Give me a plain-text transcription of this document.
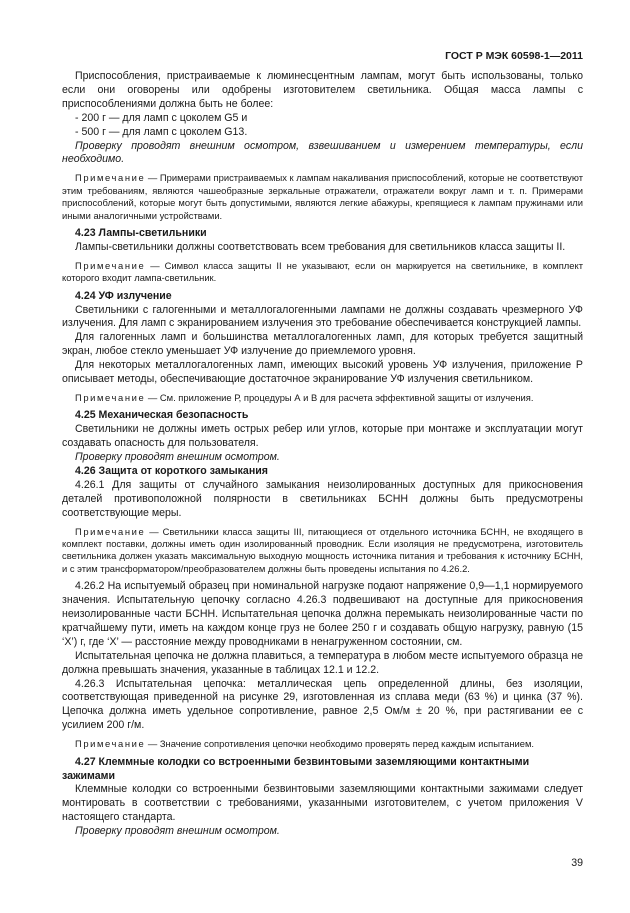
ГОСТ Р МЭК 60598-1—2011

Приспособления, пристраиваемые к люминесцентным лампам, могут быть использованы, только если они оговорены или одобрены изготовителем светильника. Общая масса лампы с приспособлениями должна быть не более:

- 200 г — для ламп с цоколем G5 и

- 500 г — для ламп с цоколем G13.

Проверку проводят внешним осмотром, взвешиванием и измерением температуры, если необходимо.

Примечание — Примерами пристраиваемых к лампам накаливания приспособлений, которые не соответствуют этим требованиям, являются чашеобразные зеркальные отражатели, отражатели вокруг ламп и т. п. Примерами приспособлений, которые могут быть допустимыми, являются легкие абажуры, крепящиеся к лампам пружинами или иными аналогичными устройствами.

4.23 Лампы-светильники

Лампы-светильники должны соответствовать всем требования для светильников класса защиты II.

Примечание — Символ класса защиты II не указывают, если он маркируется на светильнике, в комплект которого входит лампа-светильник.

4.24 УФ излучение

Светильники с галогенными и металлогалогенными лампами не должны создавать чрезмерного УФ излучения. Для ламп с экранированием излучения это требование обеспечивается конструкцией лампы.

Для галогенных ламп и большинства металлогалогенных ламп, для которых требуется защитный экран, любое стекло уменьшает УФ излучение до приемлемого уровня.

Для некоторых металлогалогенных ламп, имеющих высокий уровень УФ излучения, приложение Р описывает методы, обеспечивающие достаточное экранирование УФ излучения светильником.

Примечание — См. приложение Р, процедуры А и В для расчета эффективной защиты от излучения.

4.25 Механическая безопасность

Светильники не должны иметь острых ребер или углов, которые при монтаже и эксплуатации могут создавать опасность для пользователя.

Проверку проводят внешним осмотром.

4.26 Защита от короткого замыкания

4.26.1 Для защиты от случайного замыкания неизолированных доступных для прикосновения деталей противоположной полярности в светильниках БСНН должны быть предусмотрены соответствующие меры.

Примечание — Светильники класса защиты III, питающиеся от отдельного источника БСНН, не входящего в комплект поставки, должны иметь один изолированный проводник. Если изоляция не предусмотрена, изготовитель светильника должен указать максимальную выходную мощность источника питания и требования к источнику БСНН, и с этим трансформатором/преобразователем должны быть проведены испытания по 4.26.2.

4.26.2 На испытуемый образец при номинальной нагрузке подают напряжение 0,9—1,1 нормируемого значения. Испытательную цепочку согласно 4.26.3 подвешивают на доступные для прикосновения неизолированные части БСНН. Испытательная цепочка должна перемыкать неизолированные части по кратчайшему пути, иметь на каждом конце груз не более 250 г и создавать общую нагрузку, равную (15 ‘X’) г, где ‘X’ — расстояние между проводниками в ненагруженном состоянии, см.

Испытательная цепочка не должна плавиться, а температура в любом месте испытуемого образца не должна превышать значения, указанные в таблицах 12.1 и 12.2.

4.26.3 Испытательная цепочка: металлическая цепь определенной длины, без изоляции, соответствующая приведенной на рисунке 29, изготовленная из сплава меди (63 %) и цинка (37 %). Цепочка должна иметь удельное сопротивление, равное 2,5 Ом/м ± 20 %, при растягивании ее с усилием 200 г/м.

Примечание — Значение сопротивления цепочки необходимо проверять перед каждым испытанием.

4.27 Клеммные колодки со встроенными безвинтовыми заземляющими контактными зажимами

Клеммные колодки со встроенными безвинтовыми заземляющими контактными зажимами следует монтировать в соответствии с требованиями, указанными изготовителем, с учетом приложения V настоящего стандарта.

Проверку проводят внешним осмотром.

39
